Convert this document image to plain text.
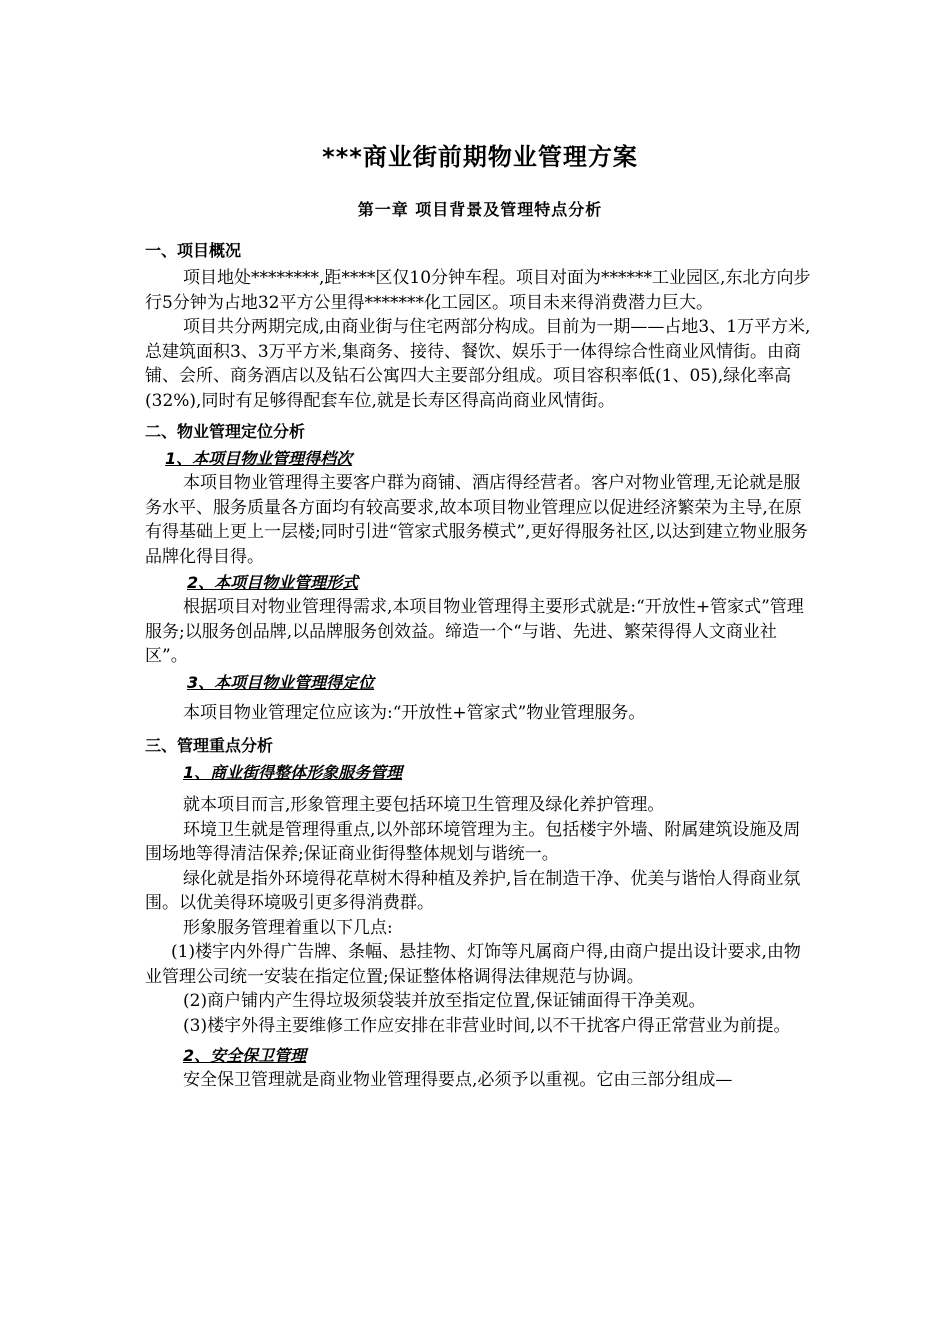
***商业街前期物业管理方案
第一章 项目背景及管理特点分析
一、项目概况

项目地处********,距****区仅10分钟车程。项目对面为******工业园区,东北方向步行5分钟为占地32平方公里得*******化工园区。项目未来得消费潜力巨大。

项目共分两期完成,由商业街与住宅两部分构成。目前为一期——占地3、1万平方米,总建筑面积3、3万平方米,集商务、接待、餐饮、娱乐于一体得综合性商业风情街。由商铺、会所、商务酒店以及钻石公寓四大主要部分组成。项目容积率低(1、05),绿化率高(32%),同时有足够得配套车位,就是长寿区得高尚商业风情街。

二、物业管理定位分析
1、本项目物业管理得档次

本项目物业管理得主要客户群为商铺、酒店得经营者。客户对物业管理,无论就是服务水平、服务质量各方面均有较高要求,故本项目物业管理应以促进经济繁荣为主导,在原有得基础上更上一层楼;同时引进“管家式服务模式”,更好得服务社区,以达到建立物业服务品牌化得目得。

2、本项目物业管理形式

根据项目对物业管理得需求,本项目物业管理得主要形式就是:“开放性+管家式”管理服务;以服务创品牌,以品牌服务创效益。缔造一个“与谐、先进、繁荣得得人文商业社区”。

3、本项目物业管理得定位

本项目物业管理定位应该为:“开放性+管家式”物业管理服务。

三、管理重点分析
1、商业街得整体形象服务管理

就本项目而言,形象管理主要包括环境卫生管理及绿化养护管理。

环境卫生就是管理得重点,以外部环境管理为主。包括楼宇外墙、附属建筑设施及周围场地等得清洁保养;保证商业街得整体规划与谐统一。

绿化就是指外环境得花草树木得种植及养护,旨在制造干净、优美与谐怡人得商业氛围。以优美得环境吸引更多得消费群。

形象服务管理着重以下几点:

(1)楼宇内外得广告牌、条幅、悬挂物、灯饰等凡属商户得,由商户提出设计要求,由物业管理公司统一安装在指定位置;保证整体格调得法律规范与协调。

(2)商户铺内产生得垃圾须袋装并放至指定位置,保证铺面得干净美观。

(3)楼宇外得主要维修工作应安排在非营业时间,以不干扰客户得正常营业为前提。

2、安全保卫管理

安全保卫管理就是商业物业管理得要点,必须予以重视。它由三部分组成—
